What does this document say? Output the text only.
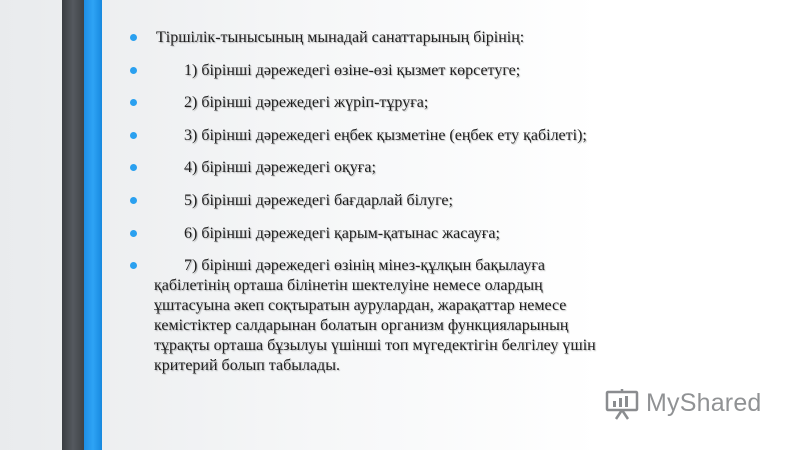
Тіршілік-тынысының мынадай санаттарының бірінің:
1) бірінші дәрежедегі өзіне-өзі қызмет көрсетуге;
2) бірінші дәрежедегі жүріп-тұруға;
3) бірінші дәрежедегі еңбек қызметіне (еңбек ету қабілеті);
4) бірінші дәрежедегі оқуға;
5) бірінші дәрежедегі бағдарлай білуге;
6) бірінші дәрежедегі қарым-қатынас жасауға;
7) бірінші дәрежедегі өзінің мінез-құлқын бақылауға
қабілетінің орташа білінетін шектелуіне немесе олардың
ұштасуына әкеп соқтыратын аурулардан, жарақаттар немесе
кемістіктер салдарынан болатын организм функцияларының
тұрақты орташа бұзылуы үшінші топ мүгедектігін белгілеу үшін
критерий болып табылады.
MyShared
